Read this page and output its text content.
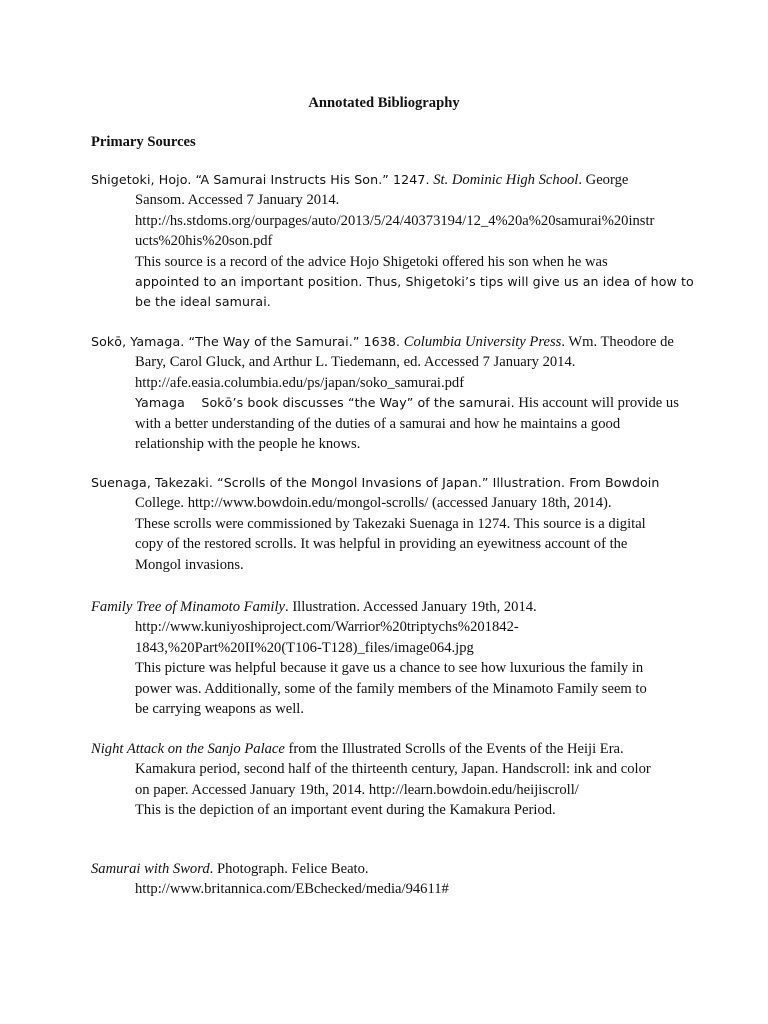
Annotated Bibliography
Primary Sources
Shigetoki, Hojo. “A Samurai Instructs His Son.” 1247. St. Dominic High School. George
Sansom. Accessed 7 January 2014.
http://hs.stdoms.org/ourpages/auto/2013/5/24/40373194/12_4%20a%20samurai%20instr
ucts%20his%20son.pdf
This source is a record of the advice Hojo Shigetoki offered his son when he was
appointed to an important position. Thus, Shigetoki’s tips will give us an idea of how to
be the ideal samurai.
Sokō, Yamaga. “The Way of the Samurai.” 1638. Columbia University Press. Wm. Theodore de
Bary, Carol Gluck, and Arthur L. Tiedemann, ed. Accessed 7 January 2014.
http://afe.easia.columbia.edu/ps/japan/soko_samurai.pdf
Yamaga    Sokō’s book discusses “the Way” of the samurai. His account will provide us
with a better understanding of the duties of a samurai and how he maintains a good
relationship with the people he knows.
Suenaga, Takezaki. “Scrolls of the Mongol Invasions of Japan.” Illustration. From Bowdoin
College. http://www.bowdoin.edu/mongol-scrolls/ (accessed January 18th, 2014).
These scrolls were commissioned by Takezaki Suenaga in 1274. This source is a digital
copy of the restored scrolls. It was helpful in providing an eyewitness account of the
Mongol invasions.
Family Tree of Minamoto Family. Illustration. Accessed January 19th, 2014.
http://www.kuniyoshiproject.com/Warrior%20triptychs%201842-
1843,%20Part%20II%20(T106-T128)_files/image064.jpg
This picture was helpful because it gave us a chance to see how luxurious the family in
power was. Additionally, some of the family members of the Minamoto Family seem to
be carrying weapons as well.
Night Attack on the Sanjo Palace from the Illustrated Scrolls of the Events of the Heiji Era.
Kamakura period, second half of the thirteenth century, Japan. Handscroll: ink and color
on paper. Accessed January 19th, 2014. http://learn.bowdoin.edu/heijiscroll/
This is the depiction of an important event during the Kamakura Period.
Samurai with Sword. Photograph. Felice Beato.
http://www.britannica.com/EBchecked/media/94611#
